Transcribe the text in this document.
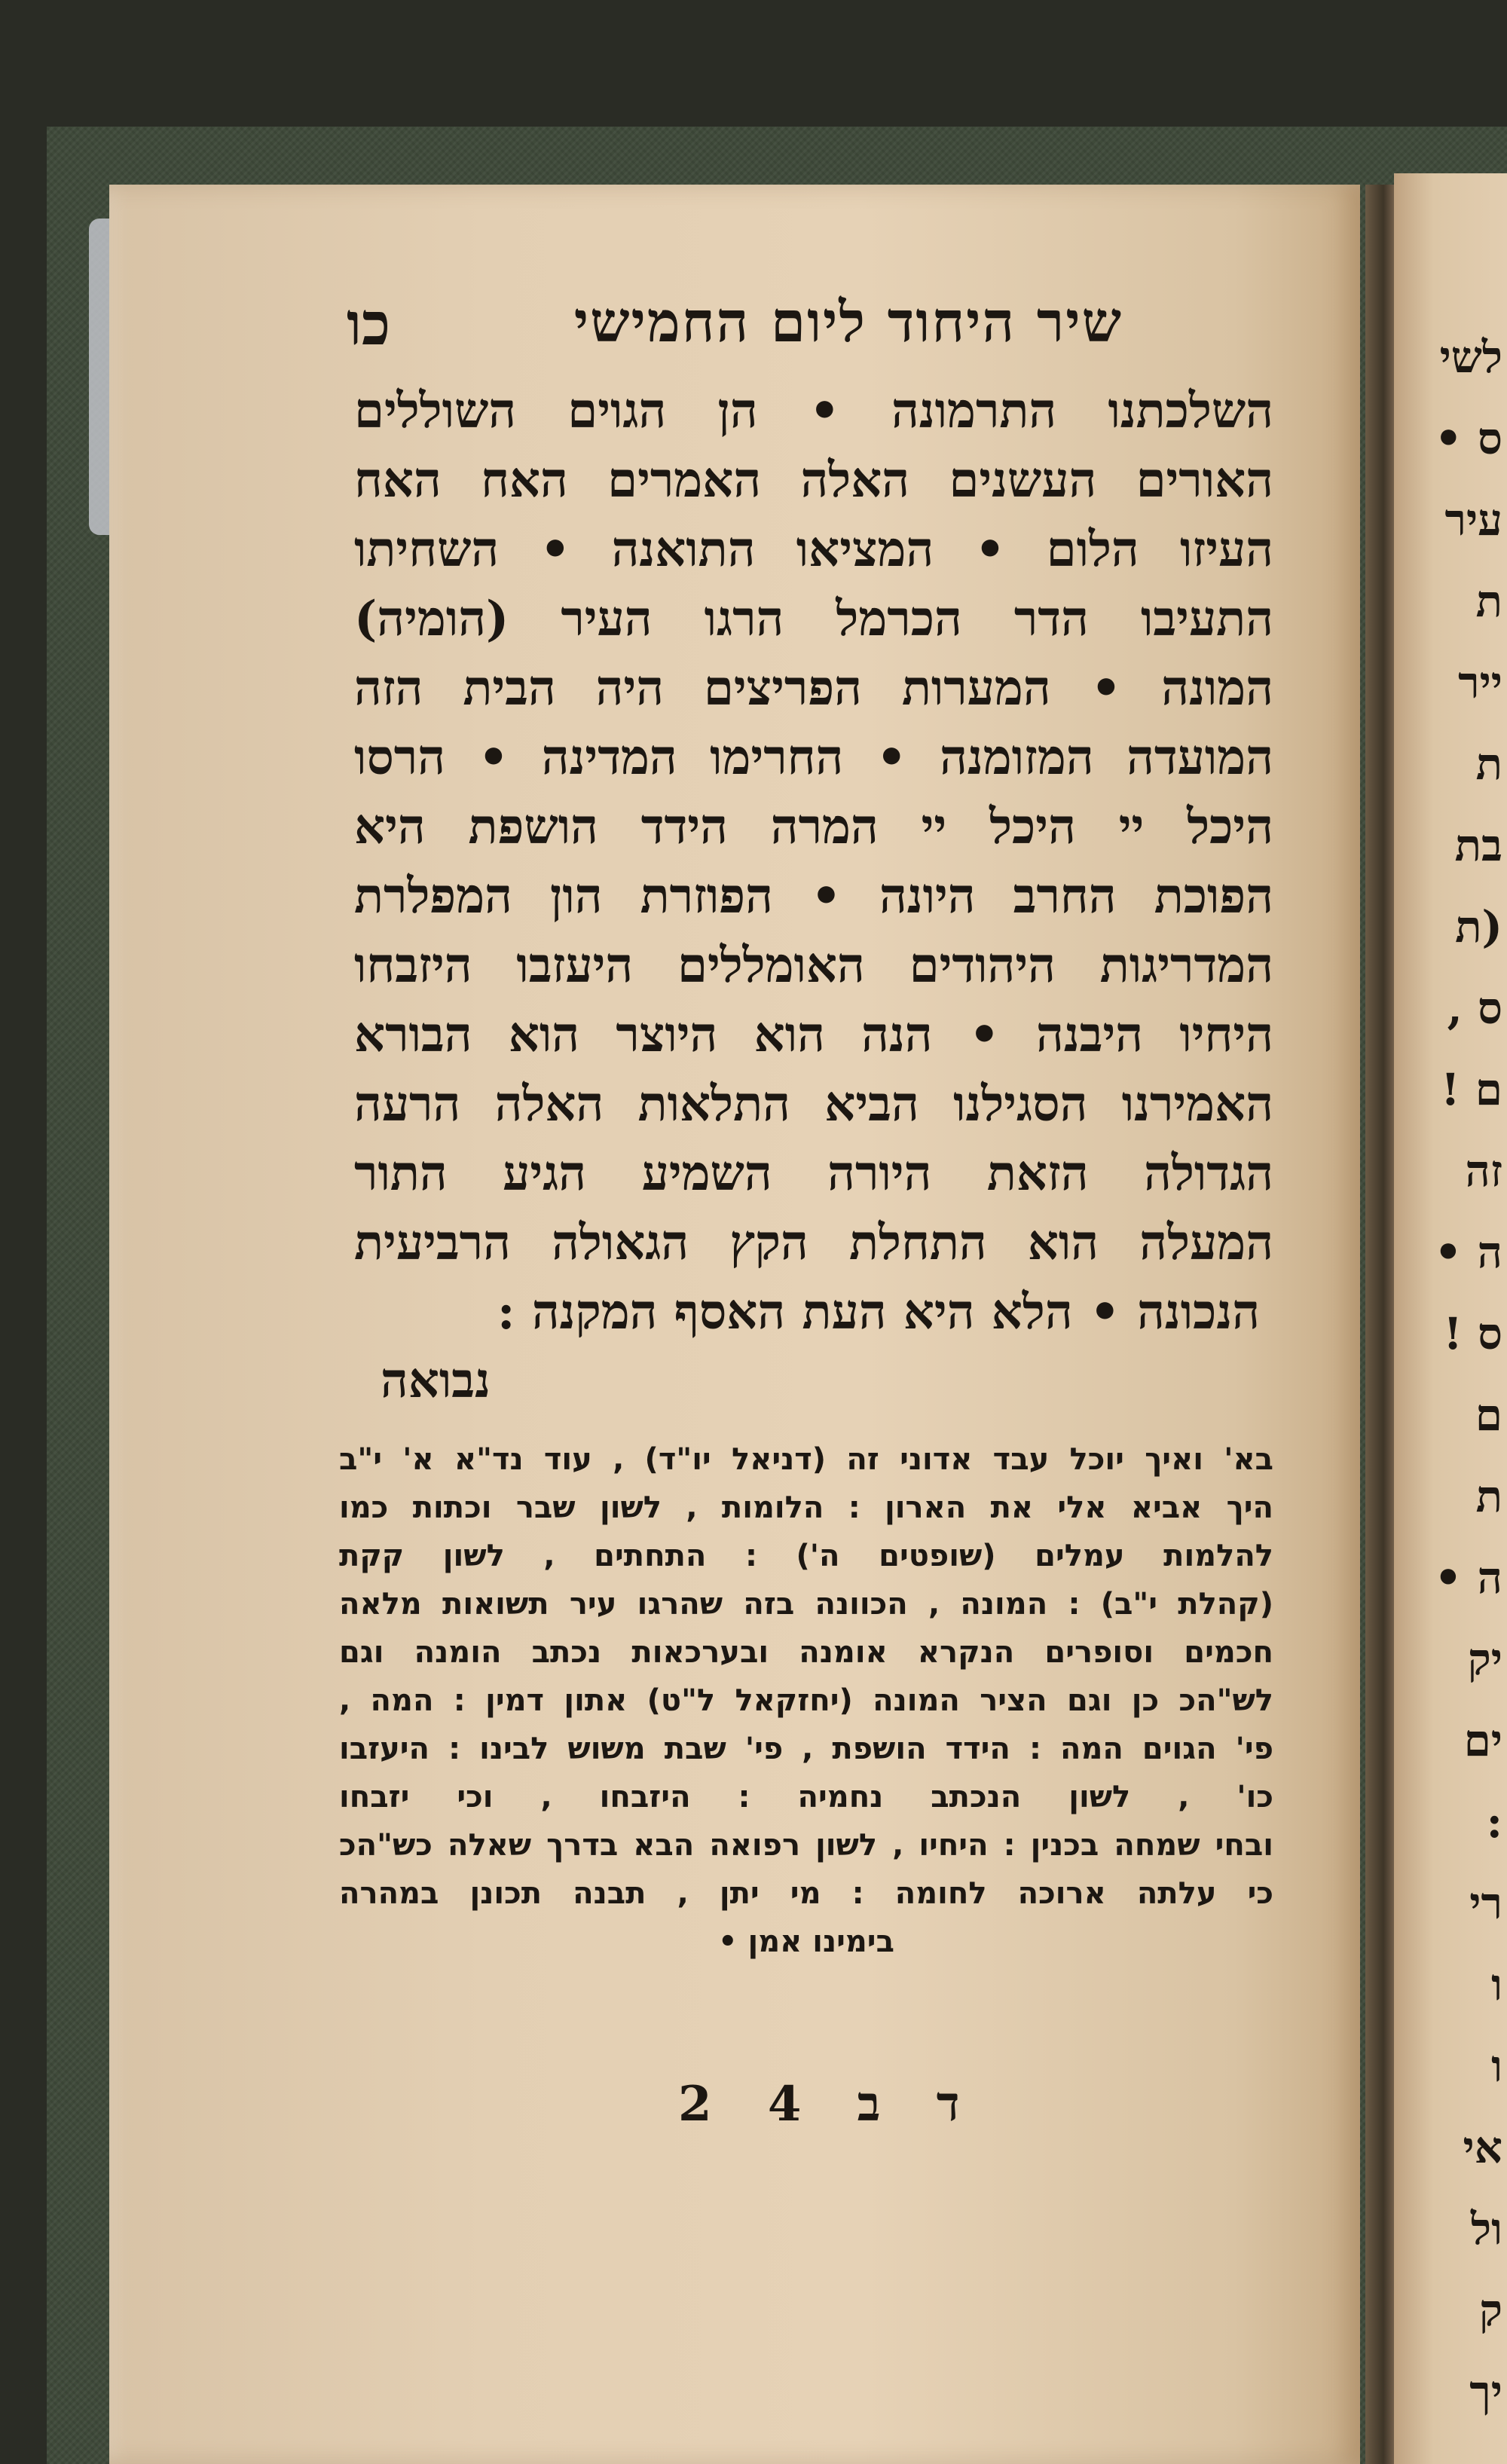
לשי
ס •
עיר
ת
ייר
ת
בת
(ת
ס ,
ם !
זה
ה •
ס !
ם
ת
ה •
יק
ים
:
רי
ו
ו
אי
ול
ק
יך
שיר היחוד ליום החמישי
כו
השלכתנו התרמונה • הן הגוים השוללים
האורים העשנים האלה האמרים האח האח
העיזו הלום • המציאו התואנה • השחיתו
התעיבו הדר הכרמל הרגו העיר (הומיה)
המונה • המערות הפריצים היה הבית הזה
המועדה המזומנה • החרימו המדינה • הרסו
היכל יי היכל יי המרה הידד הושפת היא
הפוכת החרב היונה • הפוזרת הון המפלרת
המדריגות היהודים האומללים היעזבו היזבחו
היחיו היבנה • הנה הוא היוצר הוא הבורא
האמירנו הסגילנו הביא התלאות האלה הרעה
הגדולה הזאת היורה השמיע הגיע התור
המעלה הוא התחלת הקץ הגאולה הרביעית
הנכונה • הלא היא העת האסף המקנה :
נבואה
בא' ואיך יוכל עבד אדוני זה (דניאל יו"ד) , עוד נד"א א' י"ב
היך אביא אלי את הארון : הלומות , לשון שבר וכתות כמו
להלמות עמלים (שופטים ה') : התחתים , לשון קקת
(קהלת י"ב) : המונה , הכוונה בזה שהרגו עיר תשואות מלאה
חכמים וסופרים הנקרא אומנה ובערכאות נכתב הומנה וגם
לש"הכ כן וגם הציר המונה (יחזקאל ל"ט) אתון דמין : המה ,
פי' הגוים המה : הידד הושפת , פי' שבת משוש לבינו : היעזבו
כו' , לשון הנכתב נחמיה : היזבחו , וכי יזבחו
ובחי שמחה בכנין : היחיו , לשון רפואה הבא בדרך שאלה כש"הכ
כי עלתה ארוכה לחומה : מי יתן , תבנה תכונן במהרה
בימינו אמן •
ד ב 2 4
